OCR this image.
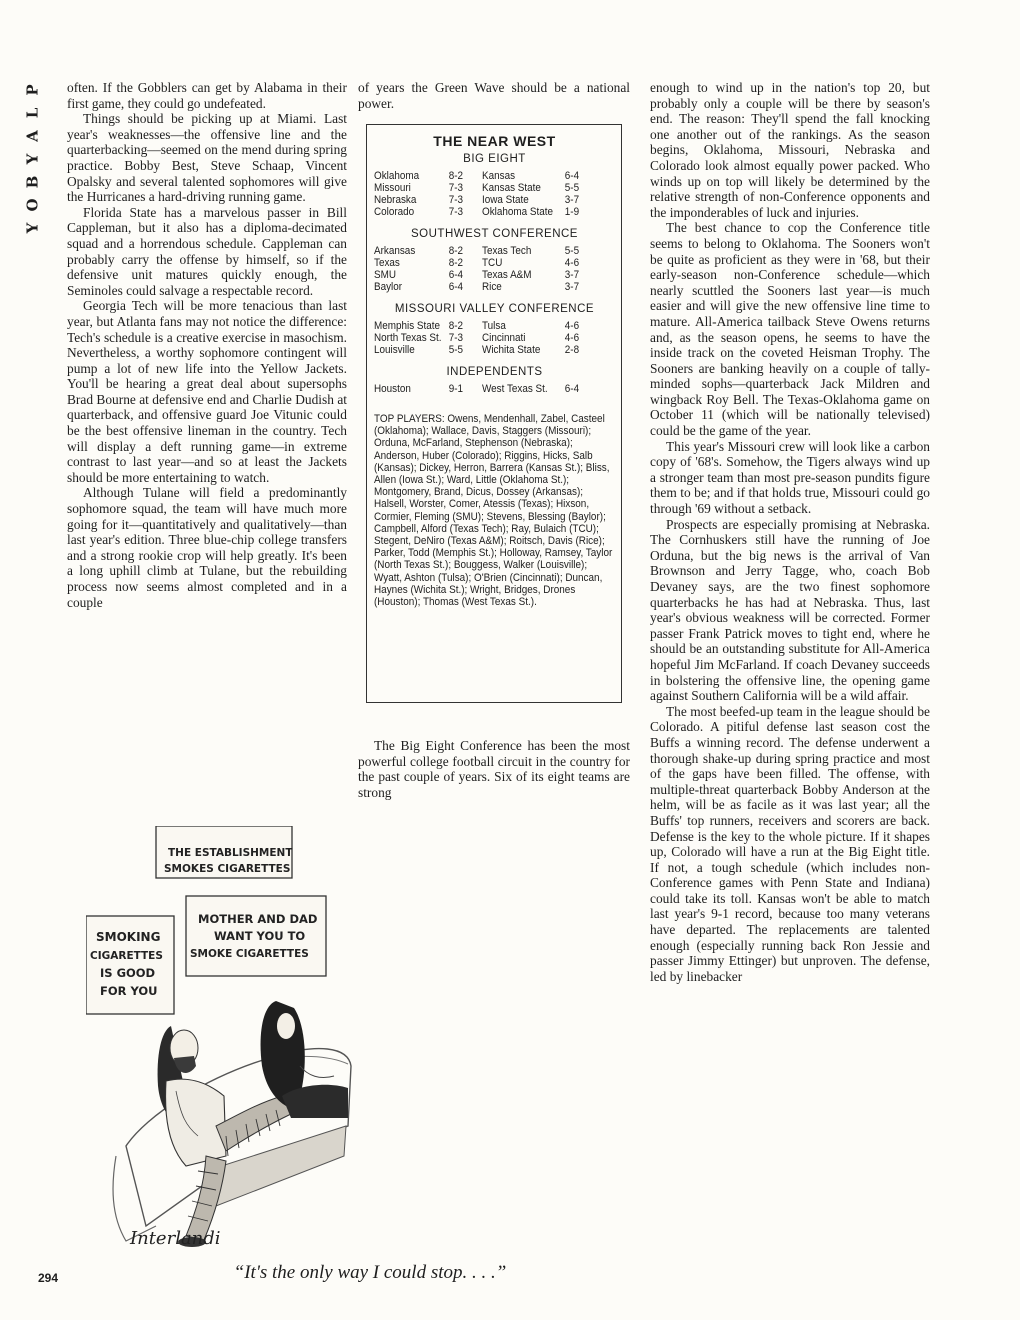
P
L
A
Y
B
O
Y

often. If the Gobblers can get by Alabama in their first game, they could go undefeated.

Things should be picking up at Miami. Last year's weaknesses—the offensive line and the quarterbacking—seemed on the mend during spring practice. Bobby Best, Steve Schaap, Vincent Opalsky and several talented sophomores will give the Hurricanes a hard-driving running game.

Florida State has a marvelous passer in Bill Cappleman, but it also has a diploma-decimated squad and a horrendous schedule. Cappleman can probably carry the offense by himself, so if the defensive unit matures quickly enough, the Seminoles could salvage a respectable record.

Georgia Tech will be more tenacious than last year, but Atlanta fans may not notice the difference: Tech's schedule is a creative exercise in masochism. Nevertheless, a worthy sophomore contingent will pump a lot of new life into the Yellow Jackets. You'll be hearing a great deal about supersophs Brad Bourne at defensive end and Charlie Dudish at quarterback, and offensive guard Joe Vitunic could be the best offensive lineman in the country. Tech will display a deft running game—in extreme contrast to last year—and so at least the Jackets should be more entertaining to watch.

Although Tulane will field a predominantly sophomore squad, the team will have much more going for it—quantitatively and qualitatively—than last year's edition. Three blue-chip college transfers and a strong rookie crop will help greatly. It's been a long uphill climb at Tulane, but the rebuilding process now seems almost completed and in a couple

of years the Green Wave should be a national power.

THE NEAR WEST
BIG EIGHT
Oklahoma	8-2	Kansas	6-4
Missouri	7-3	Kansas State	5-5
Nebraska	7-3	Iowa State	3-7
Colorado	7-3	Oklahoma State	1-9
SOUTHWEST CONFERENCE
Arkansas	8-2	Texas Tech	5-5
Texas	8-2	TCU	4-6
SMU	6-4	Texas A&M	3-7
Baylor	6-4	Rice	3-7
MISSOURI VALLEY CONFERENCE
Memphis State 8-2	Tulsa	4-6
North Texas St. 7-3	Cincinnati	4-6
Louisville	5-5	Wichita State	2-8
INDEPENDENTS
Houston	9-1	West Texas St.	6-4
TOP PLAYERS: Owens, Mendenhall, Zabel, Casteel (Oklahoma); Wallace, Davis, Staggers (Missouri); Orduna, McFarland, Stephenson (Nebraska); Anderson, Huber (Colorado); Riggins, Hicks, Salb (Kansas); Dickey, Herron, Barrera (Kansas St.); Bliss, Allen (Iowa St.); Ward, Little (Oklahoma St.); Montgomery, Brand, Dicus, Dossey (Arkansas); Halsell, Worster, Comer, Atessis (Texas); Hixson, Cormier, Fleming (SMU); Stevens, Blessing (Baylor); Campbell, Alford (Texas Tech); Ray, Bulaich (TCU); Stegent, DeNiro (Texas A&M); Roitsch, Davis (Rice); Parker, Todd (Memphis St.); Holloway, Ramsey, Taylor (North Texas St.); Bouggess, Walker (Louisville); Wyatt, Ashton (Tulsa); O'Brien (Cincinnati); Duncan, Haynes (Wichita St.); Wright, Bridges, Drones (Houston); Thomas (West Texas St.).

The Big Eight Conference has been the most powerful college football circuit in the country for the past couple of years. Six of its eight teams are strong

enough to wind up in the nation's top 20, but probably only a couple will be there by season's end. The reason: They'll spend the fall knocking one another out of the rankings. As the season begins, Oklahoma, Missouri, Nebraska and Colorado look almost equally power packed. Who winds up on top will likely be determined by the relative strength of non-Conference opponents and the imponderables of luck and injuries.

The best chance to cop the Conference title seems to belong to Oklahoma. The Sooners won't be quite as proficient as they were in '68, but their early-season non-Conference schedule—which nearly scuttled the Sooners last year—is much easier and will give the new offensive line time to mature. All-America tailback Steve Owens returns and, as the season opens, he seems to have the inside track on the coveted Heisman Trophy. The Sooners are banking heavily on a couple of tally-minded sophs—quarterback Jack Mildren and wingback Roy Bell. The Texas-Oklahoma game on October 11 (which will be nationally televised) could be the game of the year.

This year's Missouri crew will look like a carbon copy of '68's. Somehow, the Tigers always wind up a stronger team than most pre-season pundits figure them to be; and if that holds true, Missouri could go through '69 without a setback.

Prospects are especially promising at Nebraska. The Cornhuskers still have the running of Joe Orduna, but the big news is the arrival of Van Brownson and Jerry Tagge, who, coach Bob Devaney says, are the two finest sophomore quarterbacks he has had at Nebraska. Thus, last year's obvious weakness will be corrected. Former passer Frank Patrick moves to tight end, where he should be an outstanding substitute for All-America hopeful Jim McFarland. If coach Devaney succeeds in bolstering the offensive line, the opening game against Southern California will be a wild affair.

The most beefed-up team in the league should be Colorado. A pitiful defense last season cost the Buffs a winning record. The defense underwent a thorough shake-up during spring practice and most of the gaps have been filled. The offense, with multiple-threat quarterback Bobby Anderson at the helm, will be as facile as it was last year; all the Buffs' top runners, receivers and scorers are back. Defense is the key to the whole picture. If it shapes up, Colorado will have a run at the Big Eight title. If not, a tough schedule (which includes non-Conference games with Penn State and Indiana) could take its toll. Kansas won't be able to match last year's 9-1 record, because too many veterans have departed. The replacements are talented enough (especially running back Ron Jessie and passer Jimmy Ettinger) but unproven. The defense, led by linebacker

THE ESTABLISHMENT
SMOKES CIGARETTES
MOTHER AND DAD
WANT YOU TO
SMOKE CIGARETTES
SMOKING
CIGARETTES
IS GOOD
FOR YOU
Interlandi
“It's the only way I could stop. . . .”
294
